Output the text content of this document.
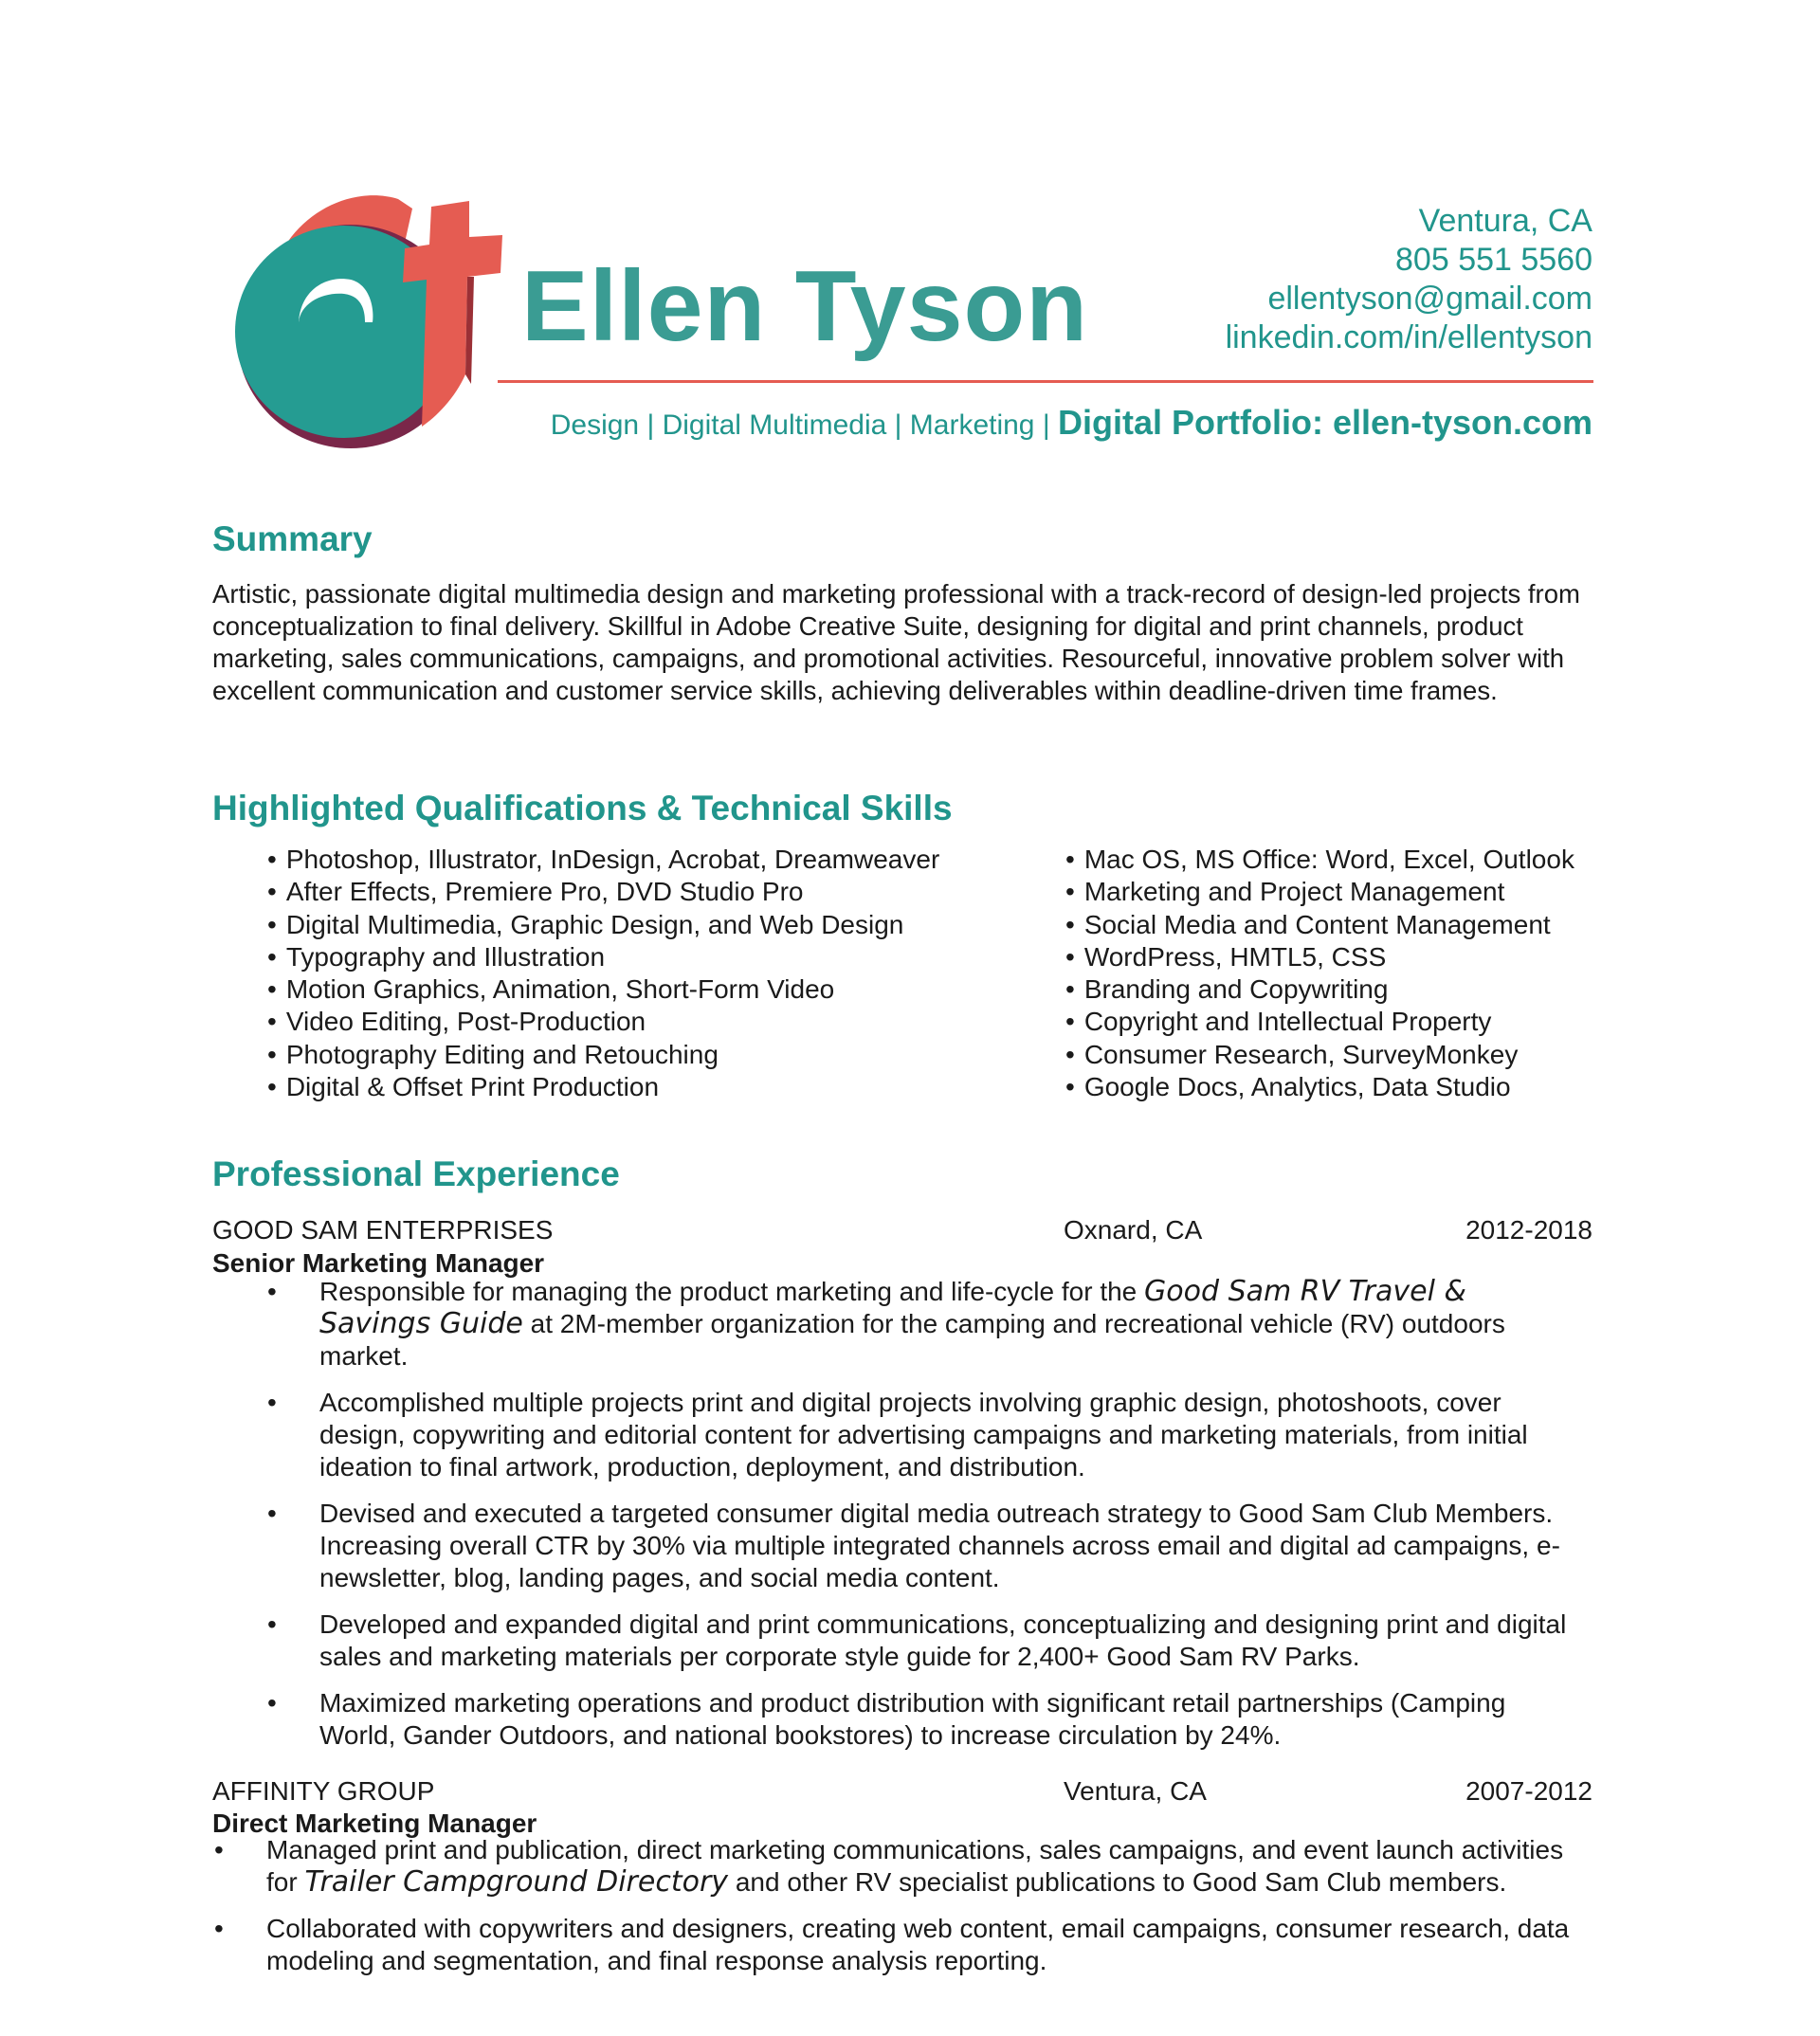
Ellen Tyson
Ventura, CA
805 551 5560
ellentyson@gmail.com
linkedin.com/in/ellentyson
Design | Digital Multimedia | Marketing | Digital Portfolio: ellen-tyson.com
Summary
Artistic, passionate digital multimedia design and marketing professional with a track-record of design-led projects from conceptualization to final delivery. Skillful in Adobe Creative Suite, designing for digital and print channels, product marketing, sales communications, campaigns, and promotional activities. Resourceful, innovative problem solver with excellent communication and customer service skills, achieving deliverables within deadline-driven time frames.
Highlighted Qualifications & Technical Skills
• Photoshop, Illustrator, InDesign, Acrobat, Dreamweaver
• After Effects, Premiere Pro, DVD Studio Pro
• Digital Multimedia, Graphic Design, and Web Design
• Typography and Illustration
• Motion Graphics, Animation, Short-Form Video
• Video Editing, Post-Production
• Photography Editing and Retouching
• Digital & Offset Print Production
• Mac OS, MS Office: Word, Excel, Outlook
• Marketing and Project Management
• Social Media and Content Management
• WordPress, HMTL5, CSS
• Branding and Copywriting
• Copyright and Intellectual Property
• Consumer Research, SurveyMonkey
• Google Docs, Analytics, Data Studio
Professional Experience
GOOD SAM ENTERPRISES	Oxnard, CA	2012-2018
Senior Marketing Manager
• Responsible for managing the product marketing and life-cycle for the Good Sam RV Travel & Savings Guide at 2M-member organization for the camping and recreational vehicle (RV) outdoors market.
• Accomplished multiple projects print and digital projects involving graphic design, photoshoots, cover design, copywriting and editorial content for advertising campaigns and marketing materials, from initial ideation to final artwork, production, deployment, and distribution.
• Devised and executed a targeted consumer digital media outreach strategy to Good Sam Club Members. Increasing overall CTR by 30% via multiple integrated channels across email and digital ad campaigns, e-newsletter, blog, landing pages, and social media content.
• Developed and expanded digital and print communications, conceptualizing and designing print and digital sales and marketing materials per corporate style guide for 2,400+ Good Sam RV Parks.
• Maximized marketing operations and product distribution with significant retail partnerships (Camping World, Gander Outdoors, and national bookstores) to increase circulation by 24%.
AFFINITY GROUP	Ventura, CA	2007-2012
Direct Marketing Manager
• Managed print and publication, direct marketing communications, sales campaigns, and event launch activities for Trailer Campground Directory and other RV specialist publications to Good Sam Club members.
• Collaborated with copywriters and designers, creating web content, email campaigns, consumer research, data modeling and segmentation, and final response analysis reporting.
